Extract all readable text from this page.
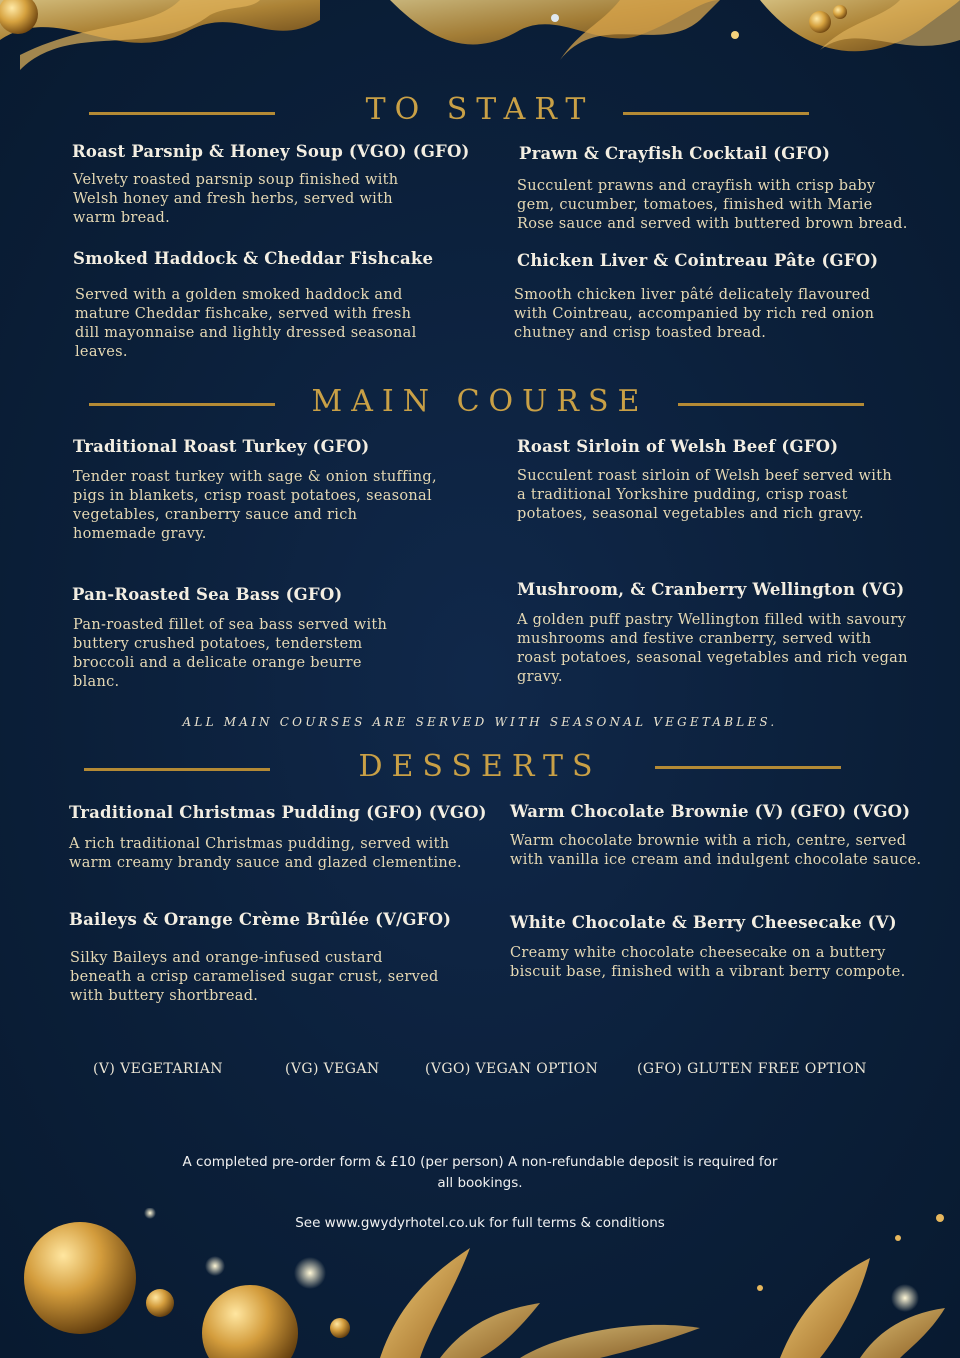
TO START
Roast Parsnip & Honey Soup (VGO) (GFO)
Velvety roasted parsnip soup finished with Welsh honey and fresh herbs, served with warm bread.
Prawn & Crayfish Cocktail (GFO)
Succulent prawns and crayfish with crisp baby gem, cucumber, tomatoes, finished with Marie Rose sauce and served with buttered brown bread.
Smoked Haddock & Cheddar Fishcake
Served with a golden smoked haddock and mature Cheddar fishcake, served with fresh dill mayonnaise and lightly dressed seasonal leaves.
Chicken Liver & Cointreau Pâte (GFO)
Smooth chicken liver pâté delicately flavoured with Cointreau, accompanied by rich red onion chutney and crisp toasted bread.
MAIN COURSE
Traditional Roast Turkey (GFO)
Tender roast turkey with sage & onion stuffing, pigs in blankets, crisp roast potatoes, seasonal vegetables, cranberry sauce and rich homemade gravy.
Roast Sirloin of Welsh Beef (GFO)
Succulent roast sirloin of Welsh beef served with a traditional Yorkshire pudding, crisp roast potatoes, seasonal vegetables and rich gravy.
Pan-Roasted Sea Bass (GFO)
Pan-roasted fillet of sea bass served with buttery crushed potatoes, tenderstem broccoli and a delicate orange beurre blanc.
Mushroom, & Cranberry Wellington (VG)
A golden puff pastry Wellington filled with savoury mushrooms and festive cranberry, served with roast potatoes, seasonal vegetables and rich vegan gravy.
ALL MAIN COURSES ARE SERVED WITH SEASONAL VEGETABLES.
DESSERTS
Traditional Christmas Pudding (GFO) (VGO)
A rich traditional Christmas pudding, served with warm creamy brandy sauce and glazed clementine.
Warm Chocolate Brownie (V) (GFO) (VGO)
Warm chocolate brownie with a rich, centre, served with vanilla ice cream and indulgent chocolate sauce.
Baileys & Orange Crème Brûlée (V/GFO)
Silky Baileys and orange-infused custard beneath a crisp caramelised sugar crust, served with buttery shortbread.
White Chocolate & Berry Cheesecake (V)
Creamy white chocolate cheesecake on a buttery biscuit base, finished with a vibrant berry compote.
(V) VEGETARIAN	(VG) VEGAN	(VGO) VEGAN OPTION	(GFO) GLUTEN FREE OPTION
A completed pre-order form & £10 (per person) A non-refundable deposit is required for all bookings.
See www.gwydyrhotel.co.uk for full terms & conditions
